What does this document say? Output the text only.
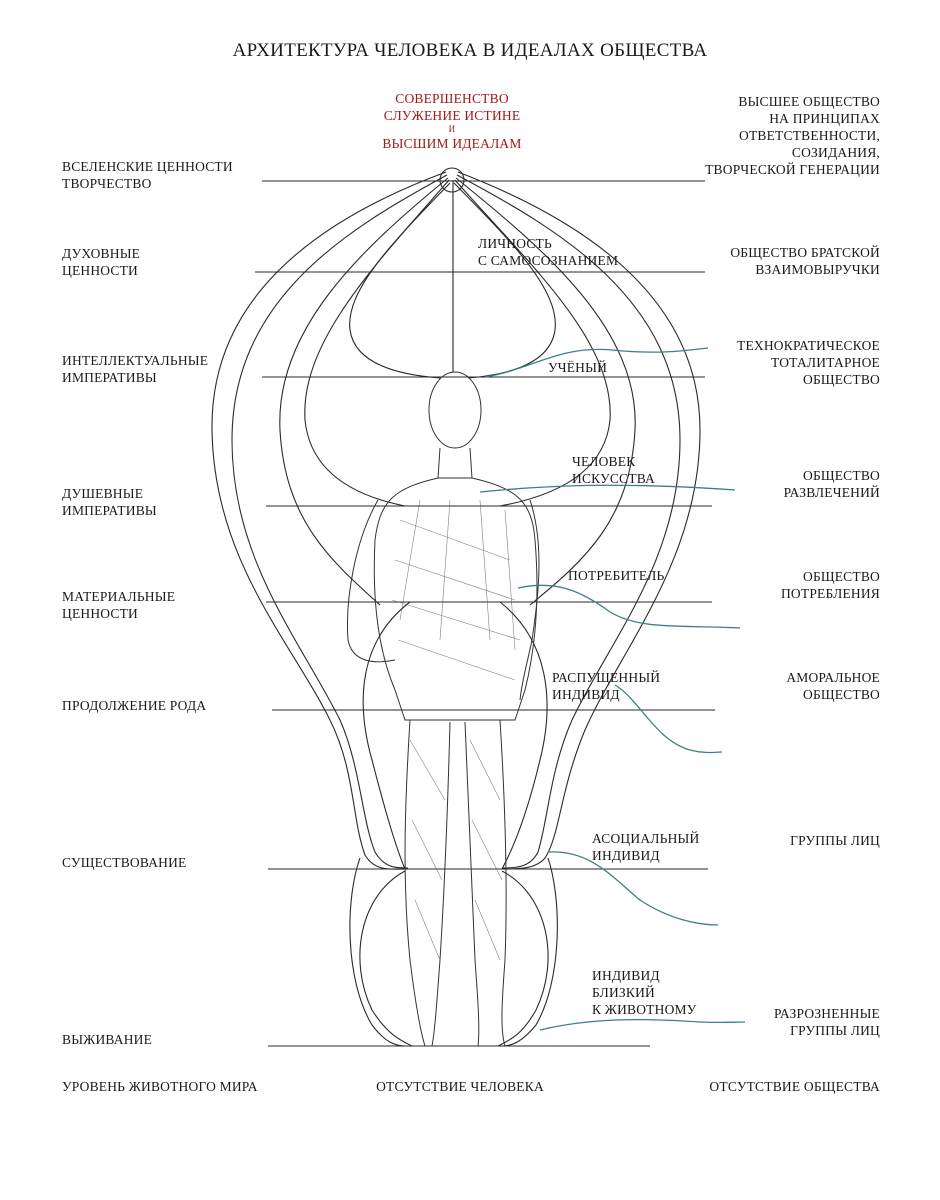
АРХИТЕКТУРА ЧЕЛОВЕКА В ИДЕАЛАХ ОБЩЕСТВА
СОВЕРШЕНСТВО
СЛУЖЕНИЕ ИСТИНЕ
И
ВЫСШИМ ИДЕАЛАМ
ВСЕЛЕНСКИЕ ЦЕННОСТИ
ТВОРЧЕСТВО
ДУХОВНЫЕ
ЦЕННОСТИ
ИНТЕЛЛЕКТУАЛЬНЫЕ
ИМПЕРАТИВЫ
ДУШЕВНЫЕ
ИМПЕРАТИВЫ
МАТЕРИАЛЬНЫЕ
ЦЕННОСТИ
ПРОДОЛЖЕНИЕ РОДА
СУЩЕСТВОВАНИЕ
ВЫЖИВАНИЕ
ЛИЧНОСТЬ
С САМОСОЗНАНИЕМ
УЧЁНЫЙ
ЧЕЛОВЕК
ИСКУССТВА
ПОТРЕБИТЕЛЬ
РАСПУЩЕННЫЙ
ИНДИВИД
АСОЦИАЛЬНЫЙ
ИНДИВИД
ИНДИВИД
БЛИЗКИЙ
К ЖИВОТНОМУ
ВЫСШЕЕ ОБЩЕСТВО
НА ПРИНЦИПАХ
ОТВЕТСТВЕННОСТИ,
СОЗИДАНИЯ,
ТВОРЧЕСКОЙ ГЕНЕРАЦИИ
ОБЩЕСТВО БРАТСКОЙ
ВЗАИМОВЫРУЧКИ
ТЕХНОКРАТИЧЕСКОЕ
ТОТАЛИТАРНОЕ
ОБЩЕСТВО
ОБЩЕСТВО
РАЗВЛЕЧЕНИЙ
ОБЩЕСТВО
ПОТРЕБЛЕНИЯ
АМОРАЛЬНОЕ
ОБЩЕСТВО
ГРУППЫ ЛИЦ
РАЗРОЗНЕННЫЕ
ГРУППЫ ЛИЦ
УРОВЕНЬ ЖИВОТНОГО МИРА	ОТСУТСТВИЕ ЧЕЛОВЕКА	ОТСУТСТВИЕ ОБЩЕСТВА
